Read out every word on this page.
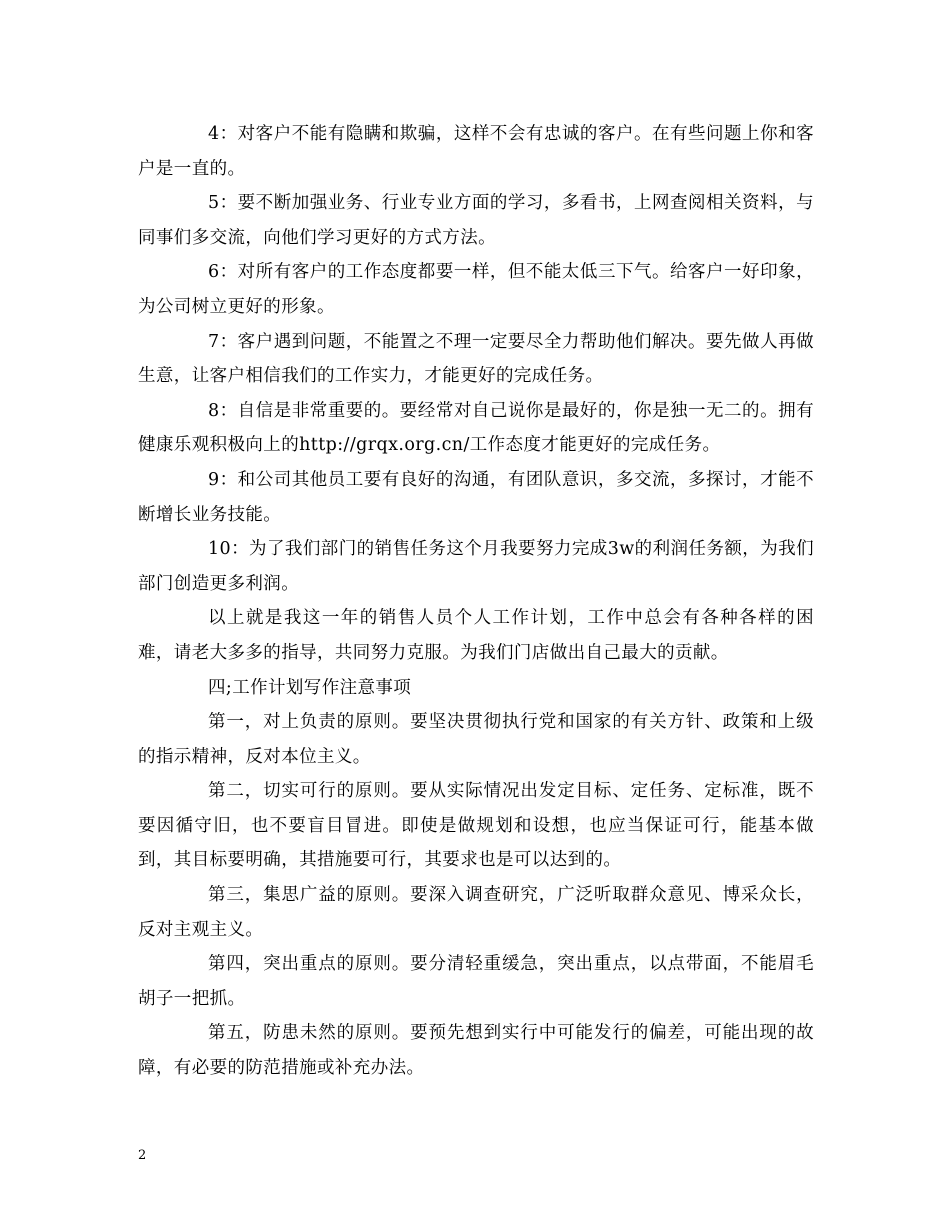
4：对客户不能有隐瞒和欺骗，这样不会有忠诚的客户。在有些问题上你和客户是一直的。

5：要不断加强业务、行业专业方面的学习，多看书，上网查阅相关资料，与同事们多交流，向他们学习更好的方式方法。

6：对所有客户的工作态度都要一样，但不能太低三下气。给客户一好印象，为公司树立更好的形象。

7：客户遇到问题，不能置之不理一定要尽全力帮助他们解决。要先做人再做生意，让客户相信我们的工作实力，才能更好的完成任务。

8：自信是非常重要的。要经常对自己说你是最好的，你是独一无二的。拥有健康乐观积极向上的http://grqx.org.cn/工作态度才能更好的完成任务。

9：和公司其他员工要有良好的沟通，有团队意识，多交流，多探讨，才能不断增长业务技能。

10：为了我们部门的销售任务这个月我要努力完成3w的利润任务额，为我们部门创造更多利润。

以上就是我这一年的销售人员个人工作计划，工作中总会有各种各样的困难，请老大多多的指导，共同努力克服。为我们门店做出自己最大的贡献。

四;工作计划写作注意事项

第一，对上负责的原则。要坚决贯彻执行党和国家的有关方针、政策和上级的指示精神，反对本位主义。

第二，切实可行的原则。要从实际情况出发定目标、定任务、定标准，既不要因循守旧，也不要盲目冒进。即使是做规划和设想，也应当保证可行，能基本做到，其目标要明确，其措施要可行，其要求也是可以达到的。

第三，集思广益的原则。要深入调查研究，广泛听取群众意见、博采众长，反对主观主义。

第四，突出重点的原则。要分清轻重缓急，突出重点，以点带面，不能眉毛胡子一把抓。

第五，防患未然的原则。要预先想到实行中可能发行的偏差，可能出现的故障，有必要的防范措施或补充办法。

2
